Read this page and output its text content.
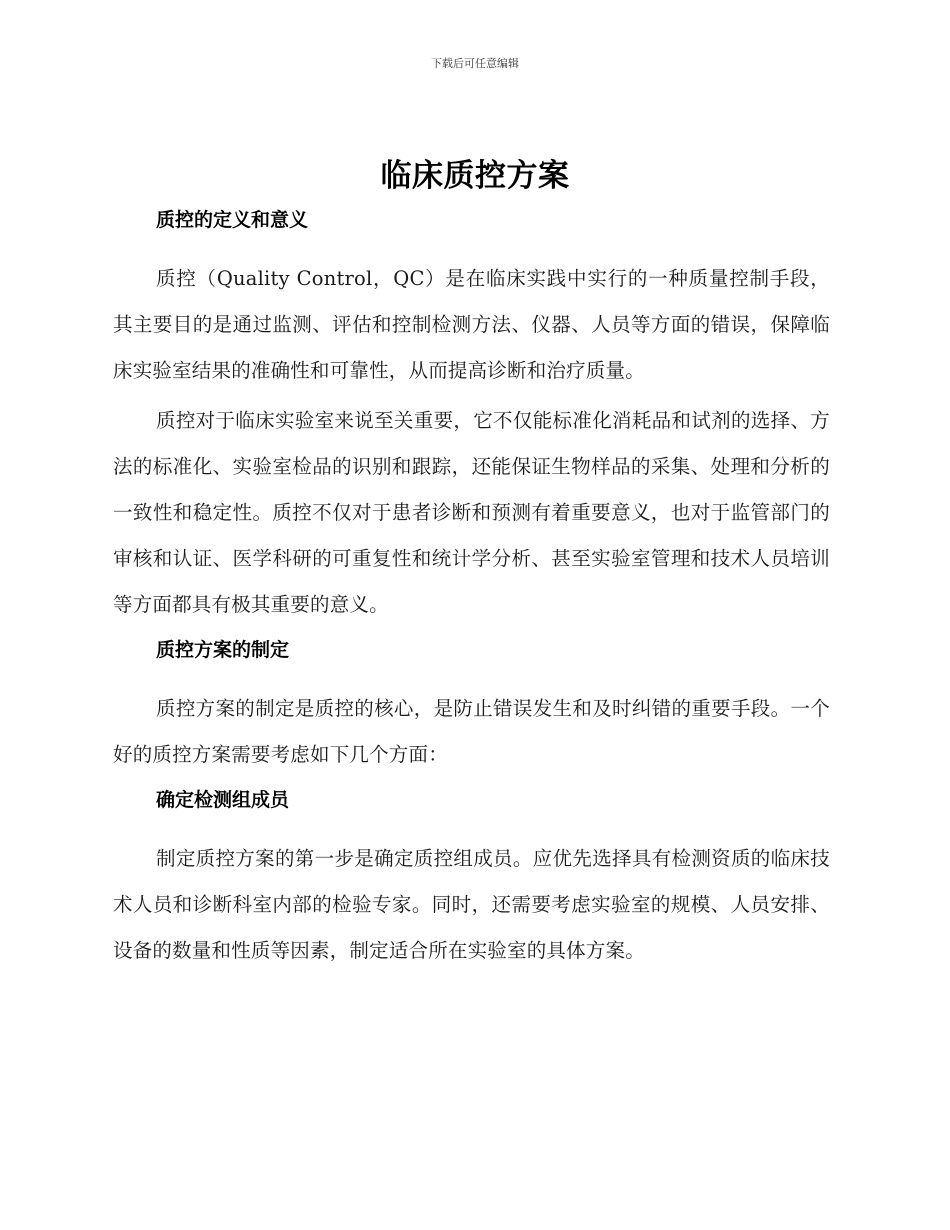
下载后可任意编辑
临床质控方案
质控的定义和意义

质控（Quality Control，QC）是在临床实践中实行的一种质量控制手段，其主要目的是通过监测、评估和控制检测方法、仪器、人员等方面的错误，保障临床实验室结果的准确性和可靠性，从而提高诊断和治疗质量。

质控对于临床实验室来说至关重要，它不仅能标准化消耗品和试剂的选择、方法的标准化、实验室检品的识别和跟踪，还能保证生物样品的采集、处理和分析的一致性和稳定性。质控不仅对于患者诊断和预测有着重要意义，也对于监管部门的审核和认证、医学科研的可重复性和统计学分析、甚至实验室管理和技术人员培训等方面都具有极其重要的意义。

质控方案的制定

质控方案的制定是质控的核心，是防止错误发生和及时纠错的重要手段。一个好的质控方案需要考虑如下几个方面：

确定检测组成员

制定质控方案的第一步是确定质控组成员。应优先选择具有检测资质的临床技术人员和诊断科室内部的检验专家。同时，还需要考虑实验室的规模、人员安排、设备的数量和性质等因素，制定适合所在实验室的具体方案。
